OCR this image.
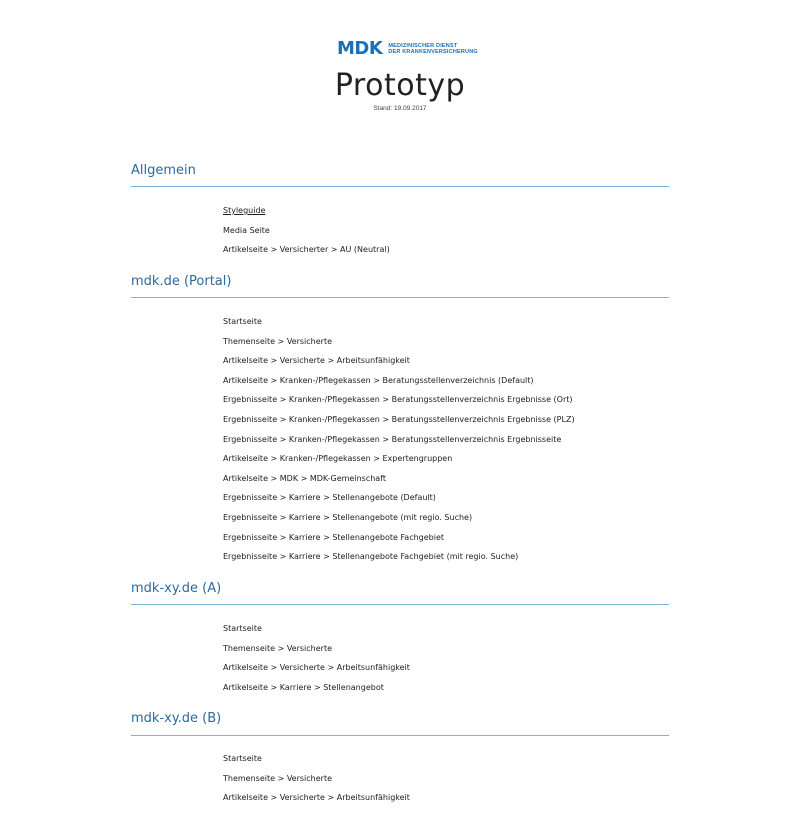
MDK MEDIZINISCHER DIENST
DER KRANKENVERSICHERUNG
Prototyp
Stand: 19.09.2017
Allgemein
Styleguide
Media Seite
Artikelseite > Versicherter > AU (Neutral)
mdk.de (Portal)
Startseite
Themenseite > Versicherte
Artikelseite > Versicherte > Arbeitsunfähigkeit
Artikelseite > Kranken-/Pflegekassen > Beratungsstellenverzeichnis (Default)
Ergebnisseite > Kranken-/Pflegekassen > Beratungsstellenverzeichnis Ergebnisse (Ort)
Ergebnisseite > Kranken-/Pflegekassen > Beratungsstellenverzeichnis Ergebnisse (PLZ)
Ergebnisseite > Kranken-/Pflegekassen > Beratungsstellenverzeichnis Ergebnisseite
Artikelseite > Kranken-/Pflegekassen > Expertengruppen
Artikelseite > MDK > MDK-Gemeinschaft
Ergebnisseite > Karriere > Stellenangebote (Default)
Ergebnisseite > Karriere > Stellenangebote (mit regio. Suche)
Ergebnisseite > Karriere > Stellenangebote Fachgebiet
Ergebnisseite > Karriere > Stellenangebote Fachgebiet (mit regio. Suche)
mdk-xy.de (A)
Startseite
Themenseite > Versicherte
Artikelseite > Versicherte > Arbeitsunfähigkeit
Artikelseite > Karriere > Stellenangebot
mdk-xy.de (B)
Startseite
Themenseite > Versicherte
Artikelseite > Versicherte > Arbeitsunfähigkeit
